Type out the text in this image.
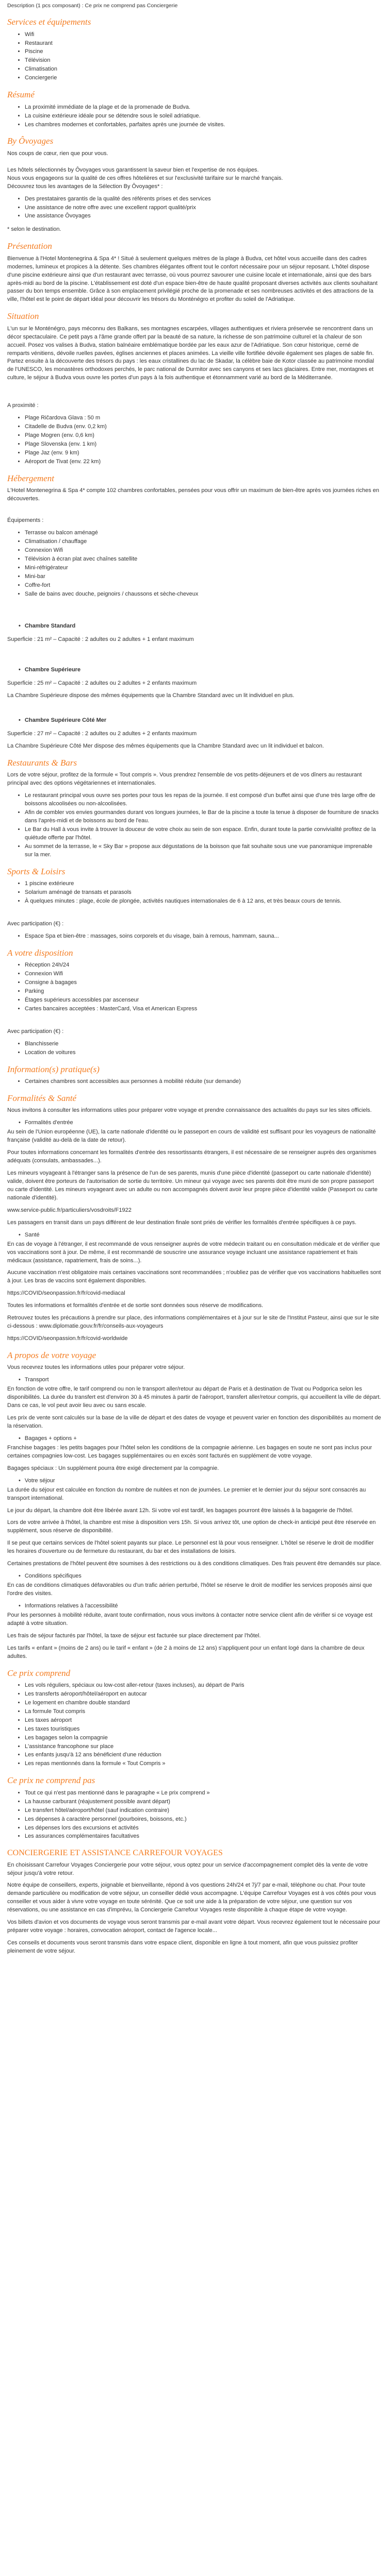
Description (1 pcs composant) : Ce prix ne comprend pas Conciergerie

Services et équipements
• Wifi
• Restaurant
• Piscine
• Télévision
• Climatisation
• Conciergerie
Résumé
• La proximité immédiate de la plage et de la promenade de Budva.
• La cuisine extérieure idéale pour se détendre sous le soleil adriatique.
• Les chambres modernes et confortables, parfaites après une journée de visites.
By Ôvoyages

Nos coups de cœur, rien que pour vous.

Les hôtels sélectionnés by Ôvoyages vous garantissent la saveur bien et l'expertise de nos équipes.

Nous vous engageons sur la qualité de ces offres hôtelières et sur l'exclusivité tarifaire sur le marché français.

Découvrez tous les avantages de la Sélection By Ôvoyages* :

• Des prestataires garantis de la qualité des référents prises et des services
• Une assistance de notre offre avec une excellent rapport qualité/prix
• Une assistance Ôvoyages

* selon le destination.

Présentation

Bienvenue à l'Hotel Montenegrina & Spa 4* ! Situé à seulement quelques mètres de la plage à Budva, cet hôtel vous accueille dans des cadres modernes, lumineux et propices à la détente. Ses chambres élégantes offrent tout le confort nécessaire pour un séjour reposant. L'hôtel dispose d'une piscine extérieure ainsi que d'un restaurant avec terrasse, où vous pourrez savourer une cuisine locale et internationale, ainsi que des bars après-midi au bord de la piscine. L'établissement est doté d'un espace bien-être de haute qualité proposant diverses activités aux clients souhaitant passer du bon temps ensemble. Grâce à son emplacement privilégié proche de la promenade et ses nombreuses activités et des attractions de la ville, l'hôtel est le point de départ idéal pour découvrir les trésors du Monténégro et profiter du soleil de l'Adriatique.

Situation

L'un sur le Monténégro, pays méconnu des Balkans, ses montagnes escarpées, villages authentiques et riviera préservée se rencontrent dans un décor spectaculaire. Ce petit pays a l'âme grande offert par la beauté de sa nature, la richesse de son patrimoine culturel et la chaleur de son accueil. Posez vos valises à Budva, station balnéaire emblématique bordée par les eaux azur de l'Adriatique. Son cœur historique, cerné de remparts vénitiens, dévoile ruelles pavées, églises anciennes et places animées. La vieille ville fortifiée dévoile également ses plages de sable fin. Partez ensuite à la découverte des trésors du pays : les eaux cristallines du lac de Skadar, la célèbre baie de Kotor classée au patrimoine mondial de l'UNESCO, les monastères orthodoxes perchés, le parc national de Durmitor avec ses canyons et ses lacs glaciaires. Entre mer, montagnes et culture, le séjour à Budva vous ouvre les portes d'un pays à la fois authentique et étonnamment varié au bord de la Méditerranée.

A proximité :

• Plage Ričardova Glava : 50 m
• Citadelle de Budva (env. 0,2 km)
• Plage Mogren (env. 0,6 km)
• Plage Slovenska (env. 1 km)
• Plage Jaz (env. 9 km)
• Aéroport de Tivat (env. 22 km)
Hébergement

L'Hotel Montenegrina & Spa 4* compte 102 chambres confortables, pensées pour vous offrir un maximum de bien-être après vos journées riches en découvertes.

Équipements :

• Terrasse ou balcon aménagé
• Climatisation / chauffage
• Connexion Wifi
• Télévision à écran plat avec chaînes satellite
• Mini-réfrigérateur
• Mini-bar
• Coffre-fort
• Salle de bains avec douche, peignoirs / chaussons et sèche-cheveux
• Chambre Standard

Superficie : 21 m² – Capacité : 2 adultes ou 2 adultes + 1 enfant maximum

• Chambre Supérieure

Superficie : 25 m² – Capacité : 2 adultes ou 2 adultes + 2 enfants maximum

La Chambre Supérieure dispose des mêmes équipements que la Chambre Standard avec un lit individuel en plus.

• Chambre Supérieure Côté Mer

Superficie : 27 m² – Capacité : 2 adultes ou 2 adultes + 2 enfants maximum

La Chambre Supérieure Côté Mer dispose des mêmes équipements que la Chambre Standard avec un lit individuel et balcon.

Restaurants & Bars

Lors de votre séjour, profitez de la formule « Tout compris ». Vous prendrez l'ensemble de vos petits-déjeuners et de vos dîners au restaurant principal avec des options végétariennes et internationales.

• Le restaurant principal vous ouvre ses portes pour tous les repas de la journée. Il est composé d'un buffet ainsi que d'une très large offre de boissons alcoolisées ou non-alcoolisées.
• Afin de combler vos envies gourmandes durant vos longues journées, le Bar de la piscine a toute la tenue à disposer de fourniture de snacks dans l'après-midi et de boissons au bord de l'eau.
• Le Bar du Hall à vous invite à trouver la douceur de votre choix au sein de son espace. Enfin, durant toute la partie convivialité profitez de la quiétude offerte par l'hôtel.
• Au sommet de la terrasse, le « Sky Bar » propose aux dégustations de la boisson que fait souhaite sous une vue panoramique imprenable sur la mer.
Sports & Loisirs
• 1 piscine extérieure
• Solarium aménagé de transats et parasols
• À quelques minutes : plage, école de plongée, activités nautiques internationales de 6 à 12 ans, et très beaux cours de tennis.

Avec participation (€) :

• Espace Spa et bien-être : massages, soins corporels et du visage, bain à remous, hammam, sauna...
A votre disposition
• Réception 24h/24
• Connexion Wifi
• Consigne à bagages
• Parking
• Étages supérieurs accessibles par ascenseur
• Cartes bancaires acceptées : MasterCard, Visa et American Express

Avec participation (€) :

• Blanchisserie
• Location de voitures
Information(s) pratique(s)
• Certaines chambres sont accessibles aux personnes à mobilité réduite (sur demande)
Formalités & Santé

Nous invitons à consulter les informations utiles pour préparer votre voyage et prendre connaissance des actualités du pays sur les sites officiels.

• Formalités d'entrée

Au sein de l'Union européenne (UE), la carte nationale d'identité ou le passeport en cours de validité est suffisant pour les voyageurs de nationalité française (validité au-delà de la date de retour).

Pour toutes informations concernant les formalités d'entrée des ressortissants étrangers, il est nécessaire de se renseigner auprès des organismes adéquats (consulats, ambassades...).

Les mineurs voyageant à l'étranger sans la présence de l'un de ses parents, munis d'une pièce d'identité (passeport ou carte nationale d'identité) valide, doivent être porteurs de l'autorisation de sortie du territoire. Un mineur qui voyage avec ses parents doit être muni de son propre passeport ou carte d'identité. Les mineurs voyageant avec un adulte ou non accompagnés doivent avoir leur propre pièce d'identité valide (Passeport ou carte nationale d'identité).

www.service-public.fr/particuliers/vosdroits/F1922

Les passagers en transit dans un pays différent de leur destination finale sont priés de vérifier les formalités d'entrée spécifiques à ce pays.

• Santé

En cas de voyage à l'étranger, il est recommandé de vous renseigner auprès de votre médecin traitant ou en consultation médicale et de vérifier que vos vaccinations sont à jour. De même, il est recommandé de souscrire une assurance voyage incluant une assistance rapatriement et frais médicaux (assistance, rapatriement, frais de soins...).

Aucune vaccination n'est obligatoire mais certaines vaccinations sont recommandées ; n'oubliez pas de vérifier que vos vaccinations habituelles sont à jour. Les bras de vaccins sont également disponibles.

https://COVID/seonpassion.fr/fr/covid-mediacal

Toutes les informations et formalités d'entrée et de sortie sont données sous réserve de modifications.

Retrouvez toutes les précautions à prendre sur place, des informations complémentaires et à jour sur le site de l'Institut Pasteur, ainsi que sur le site ci-dessous : www.diplomatie.gouv.fr/fr/conseils-aux-voyageurs

https://COVID/seonpassion.fr/fr/covid-worldwide

A propos de votre voyage

Vous recevrez toutes les informations utiles pour préparer votre séjour.

• Transport

En fonction de votre offre, le tarif comprend ou non le transport aller/retour au départ de Paris et à destination de Tivat ou Podgorica selon les disponibilités. La durée du transfert est d'environ 30 à 45 minutes à partir de l'aéroport, transfert aller/retour compris, qui accueillent la ville de départ. Dans ce cas, le vol peut avoir lieu avec ou sans escale.

Les prix de vente sont calculés sur la base de la ville de départ et des dates de voyage et peuvent varier en fonction des disponibilités au moment de la réservation.

• Bagages + options +

Franchise bagages : les petits bagages pour l'hôtel selon les conditions de la compagnie aérienne. Les bagages en soute ne sont pas inclus pour certaines compagnies low-cost. Les bagages supplémentaires ou en excès sont facturés en supplément de votre voyage.

Bagages spéciaux : Un supplément pourra être exigé directement par la compagnie.

• Votre séjour

La durée du séjour est calculée en fonction du nombre de nuitées et non de journées. Le premier et le dernier jour du séjour sont consacrés au transport international.

Le jour du départ, la chambre doit être libérée avant 12h. Si votre vol est tardif, les bagages pourront être laissés à la bagagerie de l'hôtel.

Lors de votre arrivée à l'hôtel, la chambre est mise à disposition vers 15h. Si vous arrivez tôt, une option de check-in anticipé peut être réservée en supplément, sous réserve de disponibilité.

Il se peut que certains services de l'hôtel soient payants sur place. Le personnel est là pour vous renseigner. L'hôtel se réserve le droit de modifier les horaires d'ouverture ou de fermeture du restaurant, du bar et des installations de loisirs.

Certaines prestations de l'hôtel peuvent être soumises à des restrictions ou à des conditions climatiques. Des frais peuvent être demandés sur place.

• Conditions spécifiques

En cas de conditions climatiques défavorables ou d'un trafic aérien perturbé, l'hôtel se réserve le droit de modifier les services proposés ainsi que l'ordre des visites.

• Informations relatives à l'accessibilité

Pour les personnes à mobilité réduite, avant toute confirmation, nous vous invitons à contacter notre service client afin de vérifier si ce voyage est adapté à votre situation.

Les frais de séjour facturés par l'hôtel, la taxe de séjour est facturée sur place directement par l'hôtel.

Les tarifs « enfant » (moins de 2 ans) ou le tarif « enfant » (de 2 à moins de 12 ans) s'appliquent pour un enfant logé dans la chambre de deux adultes.

Ce prix comprend
• Les vols réguliers, spéciaux ou low-cost aller-retour (taxes incluses), au départ de Paris
• Les transferts aéroport/hôtel/aéroport en autocar
• Le logement en chambre double standard
• La formule Tout compris
• Les taxes aéroport
• Les taxes touristiques
• Les bagages selon la compagnie
• L'assistance francophone sur place
• Les enfants jusqu'à 12 ans bénéficient d'une réduction
• Les repas mentionnés dans la formule « Tout Compris »
Ce prix ne comprend pas
• Tout ce qui n'est pas mentionné dans le paragraphe « Le prix comprend »
• La hausse carburant (réajustement possible avant départ)
• Le transfert hôtel/aéroport/hôtel (sauf indication contraire)
• Les dépenses à caractère personnel (pourboires, boissons, etc.)
• Les dépenses lors des excursions et activités
• Les assurances complémentaires facultatives
CONCIERGERIE ET ASSISTANCE CARREFOUR VOYAGES

En choisissant Carrefour Voyages Conciergerie pour votre séjour, vous optez pour un service d'accompagnement complet dès la vente de votre séjour jusqu'à votre retour.

Notre équipe de conseillers, experts, joignable et bienveillante, répond à vos questions 24h/24 et 7j/7 par e-mail, téléphone ou chat. Pour toute demande particulière ou modification de votre séjour, un conseiller dédié vous accompagne. L'équipe Carrefour Voyages est à vos côtés pour vous conseiller et vous aider à vivre votre voyage en toute sérénité. Que ce soit une aide à la préparation de votre séjour, une question sur vos réservations, ou une assistance en cas d'imprévu, la Conciergerie Carrefour Voyages reste disponible à chaque étape de votre voyage.

Vos billets d'avion et vos documents de voyage vous seront transmis par e-mail avant votre départ. Vous recevrez également tout le nécessaire pour préparer votre voyage : horaires, convocation aéroport, contact de l'agence locale...

Ces conseils et documents vous seront transmis dans votre espace client, disponible en ligne à tout moment, afin que vous puissiez profiter pleinement de votre séjour.
